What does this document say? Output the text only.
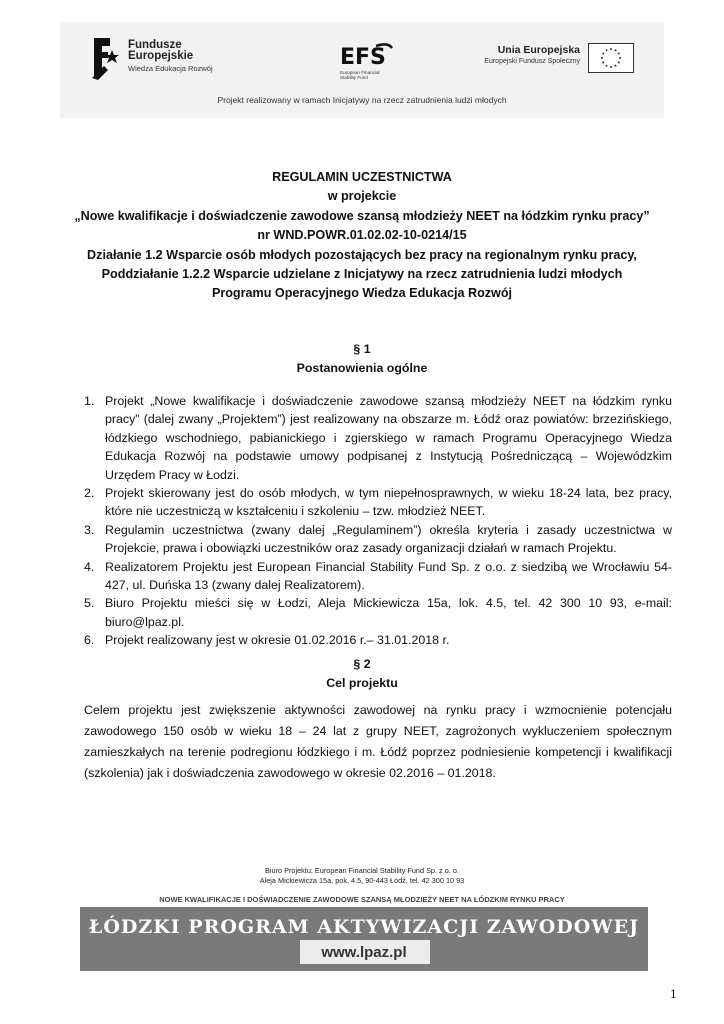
Fundusze
Europejskie
Wiedza Edukacja Rozwój	EFS
European Financial
Stability Fund
Unia Europejska
Europejski Fundusz Społeczny
Projekt realizowany w ramach Inicjatywy na rzecz zatrudnienia ludzi młodych
REGULAMIN UCZESTNICTWA
w projekcie
„Nowe kwalifikacje i doświadczenie zawodowe szansą młodzieży NEET na łódzkim rynku pracy”
nr WND.POWR.01.02.02-10-0214/15
Działanie 1.2 Wsparcie osób młodych pozostających bez pracy na regionalnym rynku pracy,
Poddziałanie 1.2.2 Wsparcie udzielane z Inicjatywy na rzecz zatrudnienia ludzi młodych
Programu Operacyjnego Wiedza Edukacja Rozwój
§ 1
Postanowienia ogólne
1. Projekt „Nowe kwalifikacje i doświadczenie zawodowe szansą młodzieży NEET na łódzkim rynku pracy” (dalej zwany „Projektem”) jest realizowany na obszarze m. Łódź oraz powiatów: brzezińskiego, łódzkiego wschodniego, pabianickiego i zgierskiego w ramach Programu Operacyjnego Wiedza Edukacja Rozwój na podstawie umowy podpisanej z Instytucją Pośredniczącą – Wojewódzkim Urzędem Pracy w Łodzi.
2. Projekt skierowany jest do osób młodych, w tym niepełnosprawnych, w wieku 18-24 lata, bez pracy, które nie uczestniczą w kształceniu i szkoleniu – tzw. młodzież NEET.
3. Regulamin uczestnictwa (zwany dalej „Regulaminem”) określa kryteria i zasady uczestnictwa w Projekcie, prawa i obowiązki uczestników oraz zasady organizacji działań w ramach Projektu.
4. Realizatorem Projektu jest European Financial Stability Fund Sp. z o.o. z siedzibą we Wrocławiu 54-427, ul. Duńska 13 (zwany dalej Realizatorem).
5. Biuro Projektu mieści się w Łodzi, Aleja Mickiewicza 15a, lok. 4.5, tel. 42 300 10 93, e-mail: biuro@lpaz.pl.
6. Projekt realizowany jest w okresie 01.02.2016 r.– 31.01.2018 r.
§ 2
Cel projektu
Celem projektu jest zwiększenie aktywności zawodowej na rynku pracy i wzmocnienie potencjału zawodowego 150 osób w wieku 18 – 24 lat z grupy NEET, zagrożonych wykluczeniem społecznym zamieszkałych na terenie podregionu łódzkiego i m. Łódź poprzez podniesienie kompetencji i kwalifikacji (szkolenia) jak i doświadczenia zawodowego w okresie 02.2016 – 01.2018.
Biuro Projektu: European Financial Stability Fund Sp. z o. o.
Aleja Mickiewicza 15a, pok. 4.5, 90-443 Łódź, tel. 42 300 10 93
NOWE KWALIFIKACJE I DOŚWIADCZENIE ZAWODOWE SZANSĄ MŁODZIEŻY NEET NA ŁÓDZKIM RYNKU PRACY
ŁÓDZKI PROGRAM AKTYWIZACJI ZAWODOWEJ
www.lpaz.pl
1
